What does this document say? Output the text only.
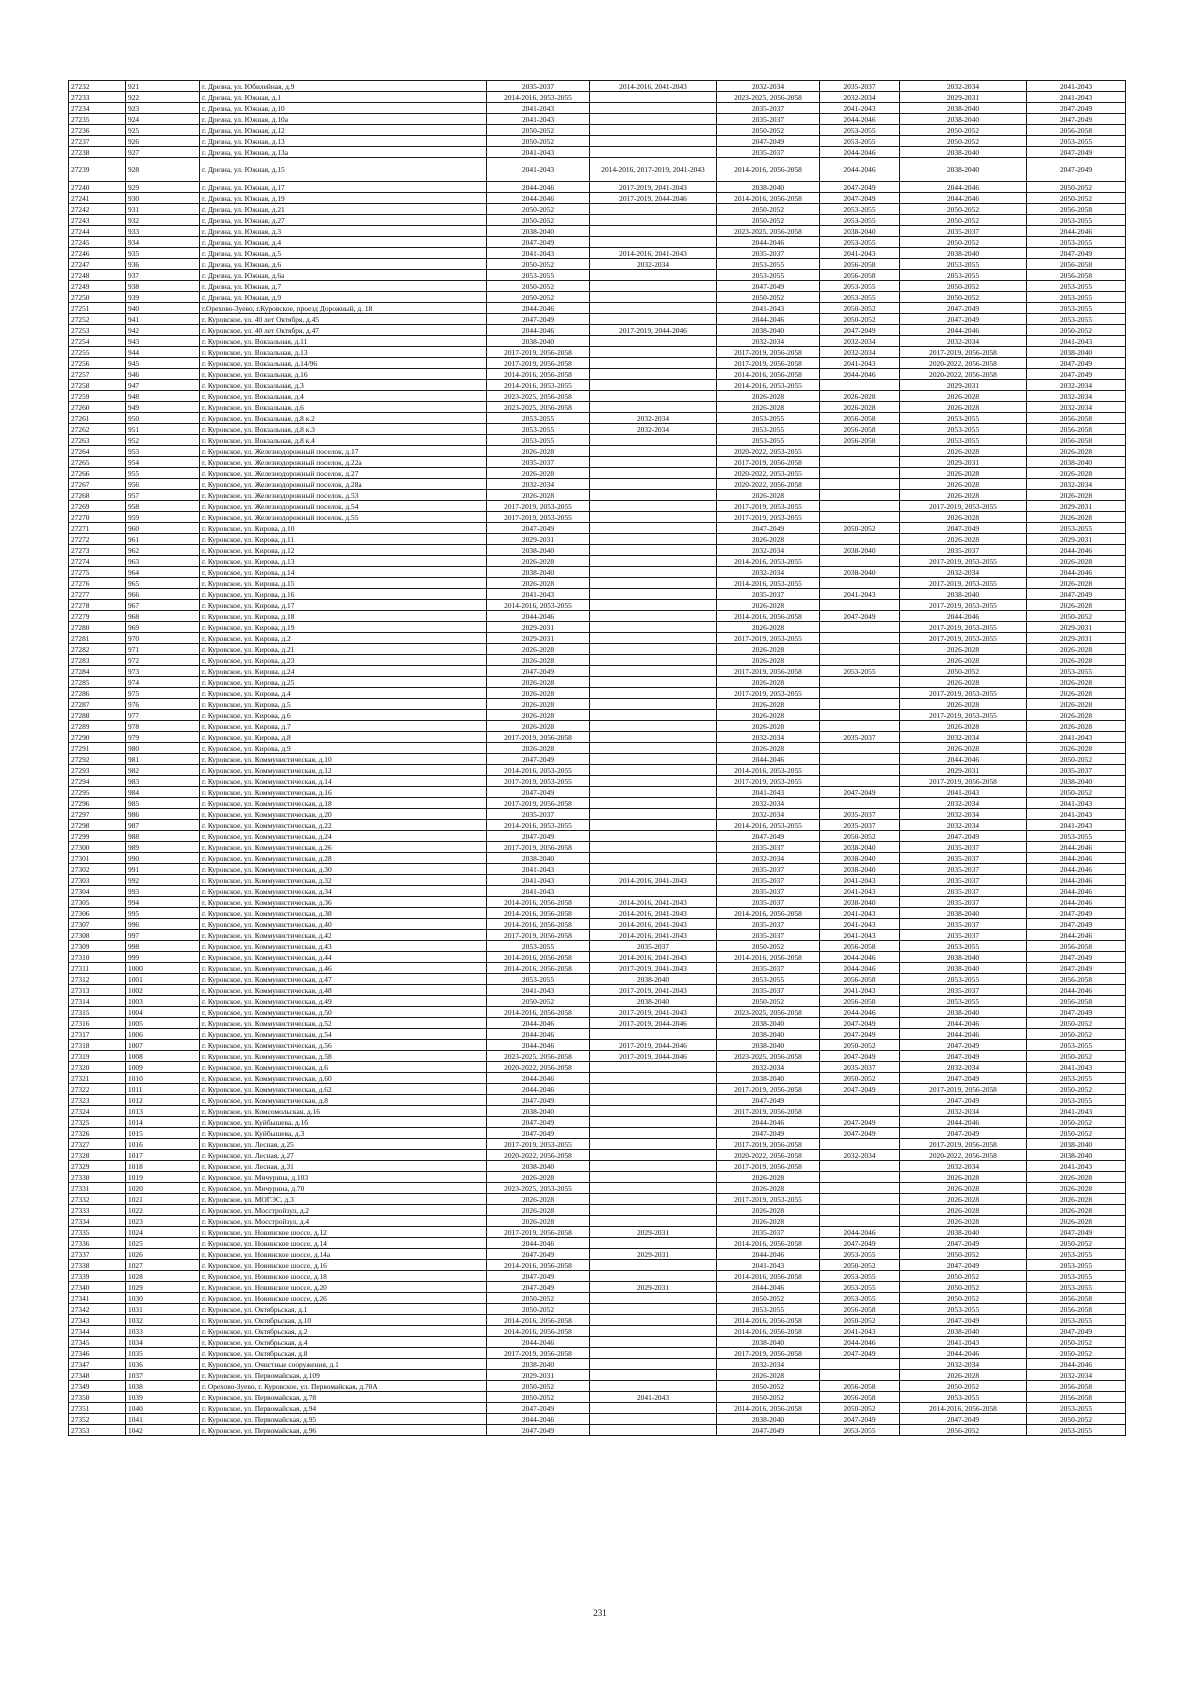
27232	921	г. Дрезна, ул. Юбилейная, д.9	2035-2037	2014-2016, 2041-2043	2032-2034	2035-2037	2032-2034	2041-2043
27233	922	г. Дрезна, ул. Южная, д.1	2014-2016, 2053-2055		2023-2025, 2056-2058	2032-2034	2029-2031	2041-2043
27234	923	г. Дрезна, ул. Южная, д.10	2041-2043		2035-2037	2041-2043	2038-2040	2047-2049
27235	924	г. Дрезна, ул. Южная, д.10а	2041-2043		2035-2037	2044-2046	2038-2040	2047-2049
27236	925	г. Дрезна, ул. Южная, д.12	2050-2052		2050-2052	2053-2055	2050-2052	2056-2058
27237	926	г. Дрезна, ул. Южная, д.13	2050-2052		2047-2049	2053-2055	2050-2052	2053-2055
27238	927	г. Дрезна, ул. Южная, д.13а	2041-2043		2035-2037	2044-2046	2038-2040	2047-2049
27239	928	г. Дрезна, ул. Южная, д.15	2041-2043	2014-2016, 2017-2019, 2041-2043	2014-2016, 2056-2058	2044-2046	2038-2040	2047-2049
27240	929	г. Дрезна, ул. Южная, д.17	2044-2046	2017-2019, 2041-2043	2038-2040	2047-2049	2044-2046	2050-2052
27241	930	г. Дрезна, ул. Южная, д.19	2044-2046	2017-2019, 2044-2046	2014-2016, 2056-2058	2047-2049	2044-2046	2050-2052
27242	931	г. Дрезна, ул. Южная, д.21	2050-2052		2050-2052	2053-2055	2050-2052	2056-2058
27243	932	г. Дрезна, ул. Южная, д.27	2050-2052		2050-2052	2053-2055	2050-2052	2053-2055
27244	933	г. Дрезна, ул. Южная, д.3	2038-2040		2023-2025, 2056-2058	2038-2040	2035-2037	2044-2046
27245	934	г. Дрезна, ул. Южная, д.4	2047-2049		2044-2046	2053-2055	2050-2052	2053-2055
27246	935	г. Дрезна, ул. Южная, д.5	2041-2043	2014-2016, 2041-2043	2035-2037	2041-2043	2038-2040	2047-2049
27247	936	г. Дрезна, ул. Южная, д.6	2050-2052	2032-2034	2053-2055	2056-2058	2053-2055	2056-2058
27248	937	г. Дрезна, ул. Южная, д.6а	2053-2055		2053-2055	2056-2058	2053-2055	2056-2058
27249	938	г. Дрезна, ул. Южная, д.7	2050-2052		2047-2049	2053-2055	2050-2052	2053-2055
27250	939	г. Дрезна, ул. Южная, д.9	2050-2052		2050-2052	2053-2055	2050-2052	2053-2055
27251	940	г.Орехово-Зуево, г.Куровское, проезд Дорожный, д. 18	2044-2046		2041-2043	2050-2052	2047-2049	2053-2055
27252	941	г. Куровское, ул. 40 лет Октября, д.45	2047-2049		2044-2046	2050-2052	2047-2049	2053-2055
27253	942	г. Куровское, ул. 40 лет Октября, д.47	2044-2046	2017-2019, 2044-2046	2038-2040	2047-2049	2044-2046	2050-2052
27254	943	г. Куровское, ул. Вокзальная, д.11	2038-2040		2032-2034	2032-2034	2032-2034	2041-2043
27255	944	г. Куровское, ул. Вокзальная, д.13	2017-2019, 2056-2058		2017-2019, 2056-2058	2032-2034	2017-2019, 2056-2058	2038-2040
27256	945	г. Куровское, ул. Вокзальная, д.14/96	2017-2019, 2056-2058		2017-2019, 2056-2058	2041-2043	2020-2022, 2056-2058	2047-2049
27257	946	г. Куровское, ул. Вокзальная, д.16	2014-2016, 2056-2058		2014-2016, 2056-2058	2044-2046	2020-2022, 2056-2058	2047-2049
27258	947	г. Куровское, ул. Вокзальная, д.3	2014-2016, 2053-2055		2014-2016, 2053-2055		2029-2031	2032-2034
27259	948	г. Куровское, ул. Вокзальная, д.4	2023-2025, 2056-2058		2026-2028	2026-2028	2026-2028	2032-2034
27260	949	г. Куровское, ул. Вокзальная, д.6	2023-2025, 2056-2058		2026-2028	2026-2028	2026-2028	2032-2034
27261	950	г. Куровское, ул. Вокзальная, д.8 к.2	2053-2055	2032-2034	2053-2055	2056-2058	2053-2055	2056-2058
27262	951	г. Куровское, ул. Вокзальная, д.8 к.3	2053-2055	2032-2034	2053-2055	2056-2058	2053-2055	2056-2058
27263	952	г. Куровское, ул. Вокзальная, д.8 к.4	2053-2055		2053-2055	2056-2058	2053-2055	2056-2058
27264	953	г. Куровское, ул. Железнодорожный поселок, д.17	2026-2028		2020-2022, 2053-2055		2026-2028	2026-2028
27265	954	г. Куровское, ул. Железнодорожный поселок, д.22а	2035-2037		2017-2019, 2056-2058		2029-2031	2038-2040
27266	955	г. Куровское, ул. Железнодорожный поселок, д.27	2026-2028		2020-2022, 2053-2055		2026-2028	2026-2028
27267	956	г. Куровское, ул. Железнодорожный поселок, д.28а	2032-2034		2020-2022, 2056-2058		2026-2028	2032-2034
27268	957	г. Куровское, ул. Железнодорожный поселок, д.53	2026-2028		2026-2028		2026-2028	2026-2028
27269	958	г. Куровское, ул. Железнодорожный поселок, д.54	2017-2019, 2053-2055		2017-2019, 2053-2055		2017-2019, 2053-2055	2029-2031
27270	959	г. Куровское, ул. Железнодорожный поселок, д.55	2017-2019, 2053-2055		2017-2019, 2053-2055		2026-2028	2026-2028
27271	960	г. Куровское, ул. Кирова, д.10	2047-2049		2047-2049	2050-2052	2047-2049	2053-2055
27272	961	г. Куровское, ул. Кирова, д.11	2029-2031		2026-2028		2026-2028	2029-2031
27273	962	г. Куровское, ул. Кирова, д.12	2038-2040		2032-2034	2038-2040	2035-2037	2044-2046
27274	963	г. Куровское, ул. Кирова, д.13	2026-2028		2014-2016, 2053-2055		2017-2019, 2053-2055	2026-2028
27275	964	г. Куровское, ул. Кирова, д.14	2038-2040		2032-2034	2038-2040	2032-2034	2044-2046
27276	965	г. Куровское, ул. Кирова, д.15	2026-2028		2014-2016, 2053-2055		2017-2019, 2053-2055	2026-2028
27277	966	г. Куровское, ул. Кирова, д.16	2041-2043		2035-2037	2041-2043	2038-2040	2047-2049
27278	967	г. Куровское, ул. Кирова, д.17	2014-2016, 2053-2055		2026-2028		2017-2019, 2053-2055	2026-2028
27279	968	г. Куровское, ул. Кирова, д.18	2044-2046		2014-2016, 2056-2058	2047-2049	2044-2046	2050-2052
27280	969	г. Куровское, ул. Кирова, д.19	2029-2031		2026-2028		2017-2019, 2053-2055	2029-2031
27281	970	г. Куровское, ул. Кирова, д.2	2029-2031		2017-2019, 2053-2055		2017-2019, 2053-2055	2029-2031
27282	971	г. Куровское, ул. Кирова, д.21	2026-2028		2026-2028		2026-2028	2026-2028
27283	972	г. Куровское, ул. Кирова, д.23	2026-2028		2026-2028		2026-2028	2026-2028
27284	973	г. Куровское, ул. Кирова, д.24	2047-2049		2017-2019, 2056-2058	2053-2055	2050-2052	2053-2055
27285	974	г. Куровское, ул. Кирова, д.25	2026-2028		2026-2028		2026-2028	2026-2028
27286	975	г. Куровское, ул. Кирова, д.4	2026-2028		2017-2019, 2053-2055		2017-2019, 2053-2055	2026-2028
27287	976	г. Куровское, ул. Кирова, д.5	2026-2028		2026-2028		2026-2028	2026-2028
27288	977	г. Куровское, ул. Кирова, д.6	2026-2028		2026-2028		2017-2019, 2053-2055	2026-2028
27289	978	г. Куровское, ул. Кирова, д.7	2026-2028		2026-2028		2026-2028	2026-2028
27290	979	г. Куровское, ул. Кирова, д.8	2017-2019, 2056-2058		2032-2034	2035-2037	2032-2034	2041-2043
27291	980	г. Куровское, ул. Кирова, д.9	2026-2028		2026-2028		2026-2028	2026-2028
27292	981	г. Куровское, ул. Коммунистическая, д.10	2047-2049		2044-2046		2044-2046	2050-2052
27293	982	г. Куровское, ул. Коммунистическая, д.12	2014-2016, 2053-2055		2014-2016, 2053-2055		2029-2031	2035-2037
27294	983	г. Куровское, ул. Коммунистическая, д.14	2017-2019, 2053-2055		2017-2019, 2053-2055		2017-2019, 2056-2058	2038-2040
27295	984	г. Куровское, ул. Коммунистическая, д.16	2047-2049		2041-2043	2047-2049	2041-2043	2050-2052
27296	985	г. Куровское, ул. Коммунистическая, д.18	2017-2019, 2056-2058		2032-2034		2032-2034	2041-2043
27297	986	г. Куровское, ул. Коммунистическая, д.20	2035-2037		2032-2034	2035-2037	2032-2034	2041-2043
27298	987	г. Куровское, ул. Коммунистическая, д.22	2014-2016, 2053-2055		2014-2016, 2053-2055	2035-2037	2032-2034	2041-2043
27299	988	г. Куровское, ул. Коммунистическая, д.24	2047-2049		2047-2049	2050-2052	2047-2049	2053-2055
27300	989	г. Куровское, ул. Коммунистическая, д.26	2017-2019, 2056-2058		2035-2037	2038-2040	2035-2037	2044-2046
27301	990	г. Куровское, ул. Коммунистическая, д.28	2038-2040		2032-2034	2038-2040	2035-2037	2044-2046
27302	991	г. Куровское, ул. Коммунистическая, д.30	2041-2043		2035-2037	2038-2040	2035-2037	2044-2046
27303	992	г. Куровское, ул. Коммунистическая, д.32	2041-2043	2014-2016, 2041-2043	2035-2037	2041-2043	2035-2037	2044-2046
27304	993	г. Куровское, ул. Коммунистическая, д.34	2041-2043		2035-2037	2041-2043	2035-2037	2044-2046
27305	994	г. Куровское, ул. Коммунистическая, д.36	2014-2016, 2056-2058	2014-2016, 2041-2043	2035-2037	2038-2040	2035-2037	2044-2046
27306	995	г. Куровское, ул. Коммунистическая, д.38	2014-2016, 2056-2058	2014-2016, 2041-2043	2014-2016, 2056-2058	2041-2043	2038-2040	2047-2049
27307	996	г. Куровское, ул. Коммунистическая, д.40	2014-2016, 2056-2058	2014-2016, 2041-2043	2035-2037	2041-2043	2035-2037	2047-2049
27308	997	г. Куровское, ул. Коммунистическая, д.42	2017-2019, 2056-2058	2014-2016, 2041-2043	2035-2037	2041-2043	2035-2037	2044-2046
27309	998	г. Куровское, ул. Коммунистическая, д.43	2053-2055	2035-2037	2050-2052	2056-2058	2053-2055	2056-2058
27310	999	г. Куровское, ул. Коммунистическая, д.44	2014-2016, 2056-2058	2014-2016, 2041-2043	2014-2016, 2056-2058	2044-2046	2038-2040	2047-2049
27311	1000	г. Куровское, ул. Коммунистическая, д.46	2014-2016, 2056-2058	2017-2019, 2041-2043	2035-2037	2044-2046	2038-2040	2047-2049
27312	1001	г. Куровское, ул. Коммунистическая, д.47	2053-2055	2038-2040	2053-2055	2056-2058	2053-2055	2056-2058
27313	1002	г. Куровское, ул. Коммунистическая, д.48	2041-2043	2017-2019, 2041-2043	2035-2037	2041-2043	2035-2037	2044-2046
27314	1003	г. Куровское, ул. Коммунистическая, д.49	2050-2052	2038-2040	2050-2052	2056-2058	2053-2055	2056-2058
27315	1004	г. Куровское, ул. Коммунистическая, д.50	2014-2016, 2056-2058	2017-2019, 2041-2043	2023-2025, 2056-2058	2044-2046	2038-2040	2047-2049
27316	1005	г. Куровское, ул. Коммунистическая, д.52	2044-2046	2017-2019, 2044-2046	2038-2040	2047-2049	2044-2046	2050-2052
27317	1006	г. Куровское, ул. Коммунистическая, д.54	2044-2046		2038-2040	2047-2049	2044-2046	2050-2052
27318	1007	г. Куровское, ул. Коммунистическая, д.56	2044-2046	2017-2019, 2044-2046	2038-2040	2050-2052	2047-2049	2053-2055
27319	1008	г. Куровское, ул. Коммунистическая, д.58	2023-2025, 2056-2058	2017-2019, 2044-2046	2023-2025, 2056-2058	2047-2049	2047-2049	2050-2052
27320	1009	г. Куровское, ул. Коммунистическая, д.6	2020-2022, 2056-2058		2032-2034	2035-2037	2032-2034	2041-2043
27321	1010	г. Куровское, ул. Коммунистическая, д.60	2044-2046		2038-2040	2050-2052	2047-2049	2053-2055
27322	1011	г. Куровское, ул. Коммунистическая, д.62	2044-2046		2017-2019, 2056-2058	2047-2049	2017-2019, 2056-2058	2050-2052
27323	1012	г. Куровское, ул. Коммунистическая, д.8	2047-2049		2047-2049		2047-2049	2053-2055
27324	1013	г. Куровское, ул. Комсомольская, д.16	2038-2040		2017-2019, 2056-2058		2032-2034	2041-2043
27325	1014	г. Куровское, ул. Куйбышева, д.1б	2047-2049		2044-2046	2047-2049	2044-2046	2050-2052
27326	1015	г. Куровское, ул. Куйбышева, д.3	2047-2049		2047-2049	2047-2049	2047-2049	2050-2052
27327	1016	г. Куровское, ул. Лесная, д.25	2017-2019, 2053-2055		2017-2019, 2056-2058		2017-2019, 2056-2058	2038-2040
27328	1017	г. Куровское, ул. Лесная, д.27	2020-2022, 2056-2058		2020-2022, 2056-2058	2032-2034	2020-2022, 2056-2058	2038-2040
27329	1018	г. Куровское, ул. Лесная, д.31	2038-2040		2017-2019, 2056-2058		2032-2034	2041-2043
27330	1019	г. Куровское, ул. Мичурина, д.103	2026-2028		2026-2028		2026-2028	2026-2028
27331	1020	г. Куровское, ул. Мичурина, д.70	2023-2025, 2053-2055		2026-2028		2026-2028	2026-2028
27332	1021	г. Куровское, ул. МОГЭС, д.3	2026-2028		2017-2019, 2053-2055		2026-2028	2026-2028
27333	1022	г. Куровское, ул. Мосстройзул, д.2	2026-2028		2026-2028		2026-2028	2026-2028
27334	1023	г. Куровское, ул. Мосстройзул, д.4	2026-2028		2026-2028		2026-2028	2026-2028
27335	1024	г. Куровское, ул. Новинское шоссе, д.12	2017-2019, 2056-2058	2029-2031	2035-2037	2044-2046	2038-2040	2047-2049
27336	1025	г. Куровское, ул. Новинское шоссе, д.14	2044-2046		2014-2016, 2056-2058	2047-2049	2047-2049	2050-2052
27337	1026	г. Куровское, ул. Новинское шоссе, д.14а	2047-2049	2029-2031	2044-2046	2053-2055	2050-2052	2053-2055
27338	1027	г. Куровское, ул. Новинское шоссе, д.16	2014-2016, 2056-2058		2041-2043	2050-2052	2047-2049	2053-2055
27339	1028	г. Куровское, ул. Новинское шоссе, д.18	2047-2049		2014-2016, 2056-2058	2053-2055	2050-2052	2053-2055
27340	1029	г. Куровское, ул. Новинское шоссе, д.20	2047-2049	2029-2031	2044-2046	2053-2055	2050-2052	2053-2055
27341	1030	г. Куровское, ул. Новинское шоссе, д.26	2050-2052		2050-2052	2053-2055	2050-2052	2056-2058
27342	1031	г. Куровское, ул. Октябрьская, д.1	2050-2052		2053-2055	2056-2058	2053-2055	2056-2058
27343	1032	г. Куровское, ул. Октябрьская, д.10	2014-2016, 2056-2058		2014-2016, 2056-2058	2050-2052	2047-2049	2053-2055
27344	1033	г. Куровское, ул. Октябрьская, д.2	2014-2016, 2056-2058		2014-2016, 2056-2058	2041-2043	2038-2040	2047-2049
27345	1034	г. Куровское, ул. Октябрьская, д.4	2044-2046		2038-2040	2044-2046	2041-2043	2050-2052
27346	1035	г. Куровское, ул. Октябрьская, д.8	2017-2019, 2056-2058		2017-2019, 2056-2058	2047-2049	2044-2046	2050-2052
27347	1036	г. Куровское, ул. Очистные сооружения, д.1	2038-2040		2032-2034		2032-2034	2044-2046
27348	1037	г. Куровское, ул. Первомайская, д.109	2029-2031		2026-2028		2026-2028	2032-2034
27349	1038	г. Орехово-Зуево, г. Куровское, ул. Первомайская, д.70А	2050-2052		2050-2052	2056-2058	2050-2052	2056-2058
27350	1039	г. Куровское, ул. Первомайская, д.78	2050-2052	2041-2043	2050-2052	2056-2058	2053-2055	2056-2058
27351	1040	г. Куровское, ул. Первомайская, д.94	2047-2049		2014-2016, 2056-2058	2050-2052	2014-2016, 2056-2058	2053-2055
27352	1041	г. Куровское, ул. Первомайская, д.95	2044-2046		2038-2040	2047-2049	2047-2049	2050-2052
27353	1042	г. Куровское, ул. Первомайская, д.96	2047-2049		2047-2049	2053-2055	2056-2052	2053-2055
231
